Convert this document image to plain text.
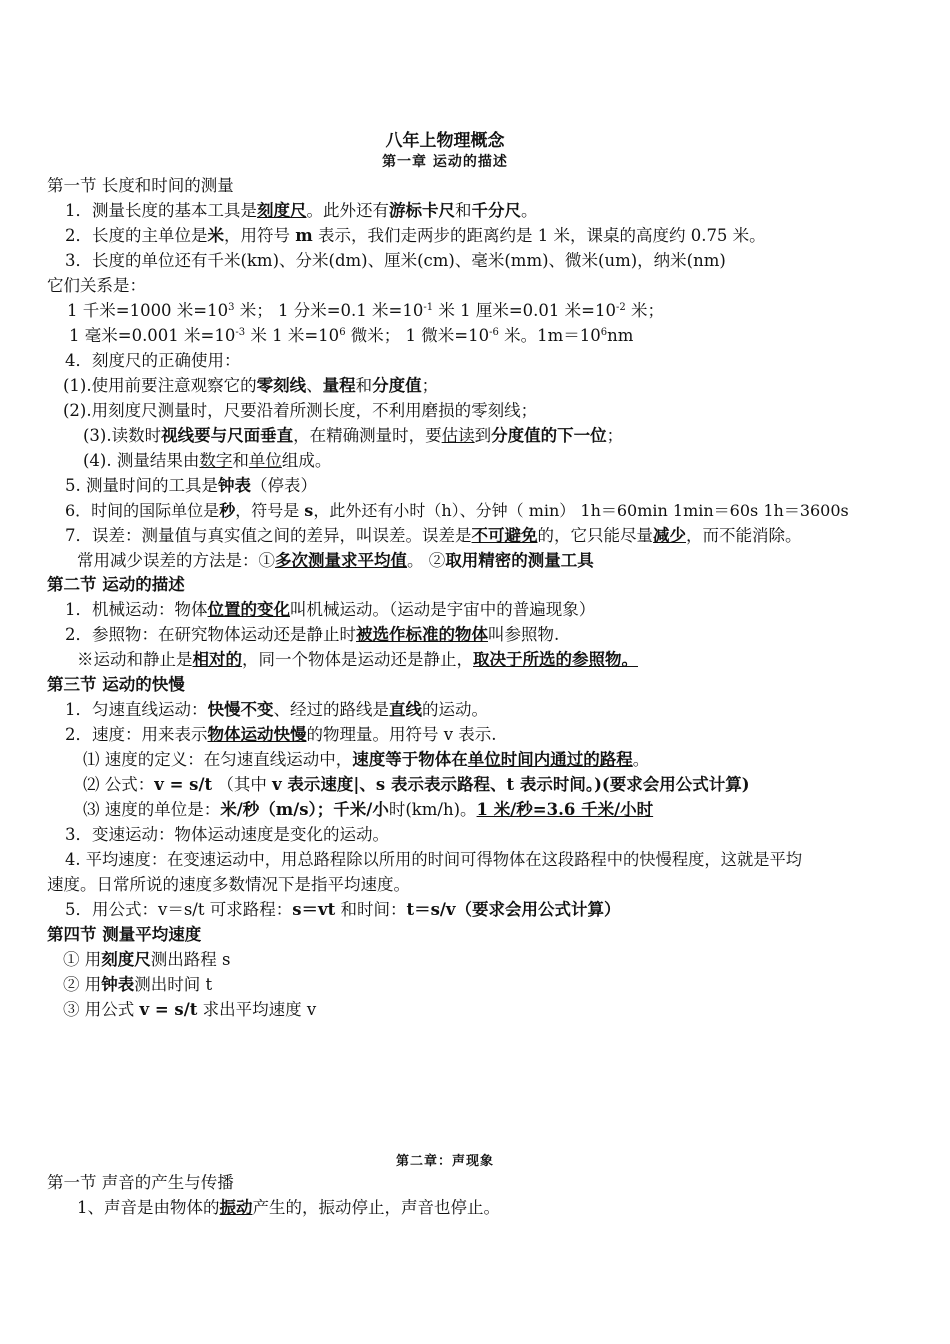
八年上物理概念
第一章 运动的描述
第一节 长度和时间的测量
1．测量长度的基本工具是刻度尺。此外还有游标卡尺和千分尺。
2．长度的主单位是米，用符号 m 表示，我们走两步的距离约是 1 米，课桌的高度约 0.75 米。
3．长度的单位还有千米(km)、分米(dm)、厘米(cm)、毫米(mm)、微米(um)，纳米(nm)
它们关系是：
1 千米=1000 米$=10^3$ 米； 1 分米=0.1 米$=10^{-1}$ 米 1 厘米=0.01 米$=10^{-2}$ 米；
1 毫米=0.001 米$=10^{-3}$ 米 1 米$=10^6$ 微米； 1 微米$=10^{-6}$ 米。$1m=10^6nm$
4．刻度尺的正确使用：
(1).使用前要注意观察它的零刻线、量程和分度值；
(2).用刻度尺测量时，尺要沿着所测长度，不利用磨损的零刻线；
(3).读数时视线要与尺面垂直，在精确测量时，要估读到分度值的下一位；
(4). 测量结果由数字和单位组成。
5. 测量时间的工具是钟表（停表）
6．时间的国际单位是秒，符号是 s，此外还有小时（h）、分钟（ min） 1h＝60min 1min＝60s 1h＝3600s
7．误差：测量值与真实值之间的差异，叫误差。误差是不可避免的，它只能尽量减少，而不能消除。
常用减少误差的方法是：①多次测量求平均值。 ②取用精密的测量工具
第二节 运动的描述
1．机械运动：物体位置的变化叫机械运动。（运动是宇宙中的普遍现象）
2．参照物：在研究物体运动还是静止时被选作标准的物体叫参照物.
※运动和静止是相对的，同一个物体是运动还是静止，取决于所选的参照物。
第三节 运动的快慢
1．匀速直线运动：快慢不变、经过的路线是直线的运动。
2．速度：用来表示物体运动快慢的物理量。用符号 v 表示.
⑴ 速度的定义：在匀速直线运动中，速度等于物体在单位时间内通过的路程。
⑵ 公式：v = s/t （其中 v 表示速度|、s 表示表示路程、t 表示时间。)(要求会用公式计算)
⑶ 速度的单位是：米/秒（m/s）；千米/小时(km/h)。1 米/秒=3.6 千米/小时
3．变速运动：物体运动速度是变化的运动。
4. 平均速度：在变速运动中，用总路程除以所用的时间可得物体在这段路程中的快慢程度，这就是平均
速度。日常所说的速度多数情况下是指平均速度。
5．用公式：v＝s/t 可求路程：s＝vt 和时间：t＝s/v（要求会用公式计算）
第四节 测量平均速度
① 用刻度尺测出路程 s
② 用钟表测出时间 t
③ 用公式 v = s/t 求出平均速度 v
第二章：声现象
第一节 声音的产生与传播
1、声音是由物体的振动产生的，振动停止，声音也停止。
